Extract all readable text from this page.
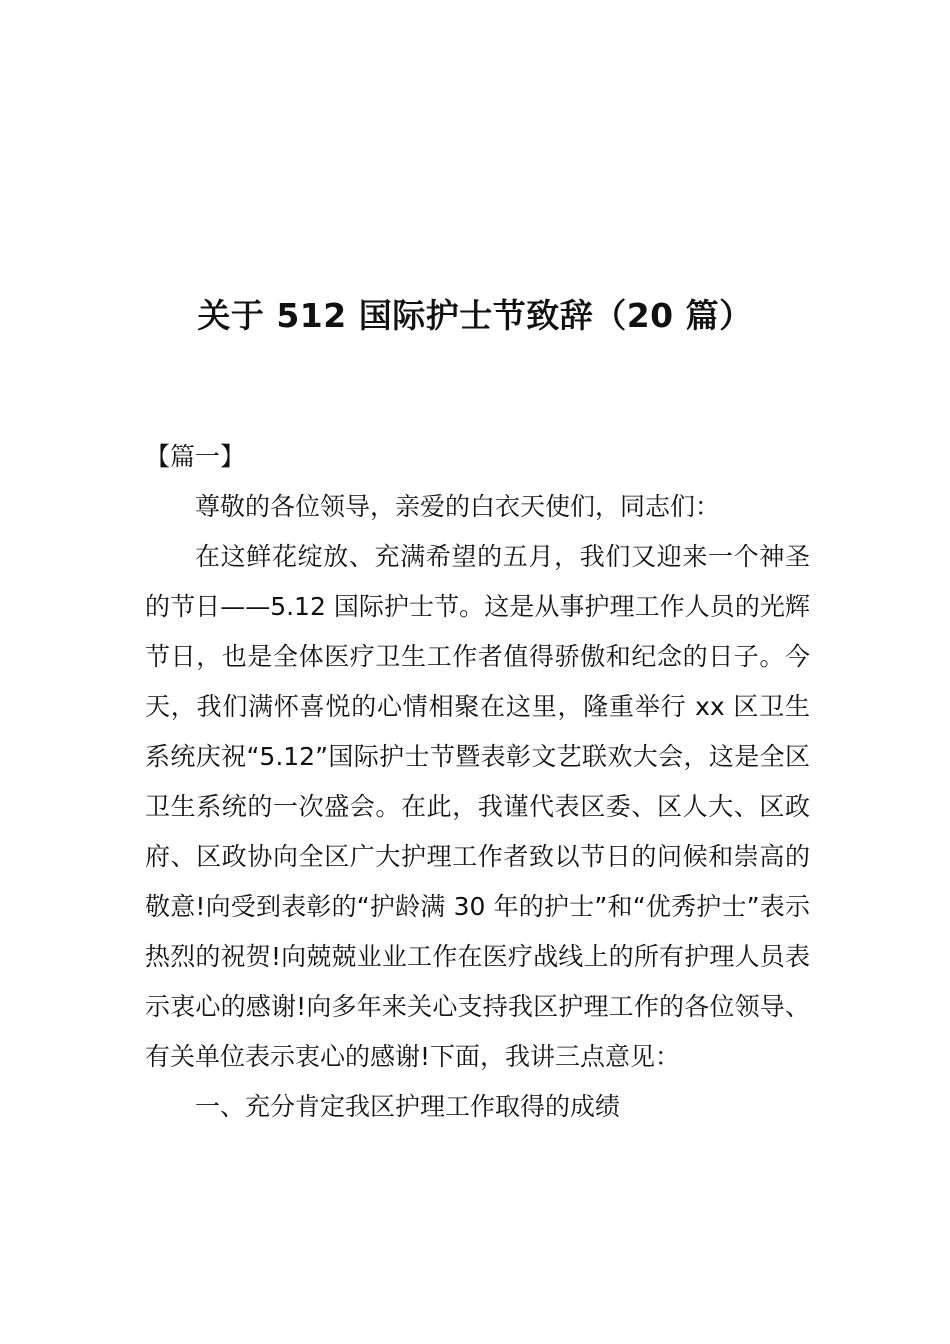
关于 512 国际护士节致辞（20 篇）

【篇一】

尊敬的各位领导，亲爱的白衣天使们，同志们：

在这鲜花绽放、充满希望的五月，我们又迎来一个神圣的节日——5.12 国际护士节。这是从事护理工作人员的光辉节日，也是全体医疗卫生工作者值得骄傲和纪念的日子。今天，我们满怀喜悦的心情相聚在这里，隆重举行 xx 区卫生系统庆祝“5.12”国际护士节暨表彰文艺联欢大会，这是全区卫生系统的一次盛会。在此，我谨代表区委、区人大、区政府、区政协向全区广大护理工作者致以节日的问候和崇高的敬意!向受到表彰的“护龄满 30 年的护士”和“优秀护士”表示热烈的祝贺!向兢兢业业工作在医疗战线上的所有护理人员表示衷心的感谢!向多年来关心支持我区护理工作的各位领导、有关单位表示衷心的感谢!下面，我讲三点意见：

一、充分肯定我区护理工作取得的成绩
